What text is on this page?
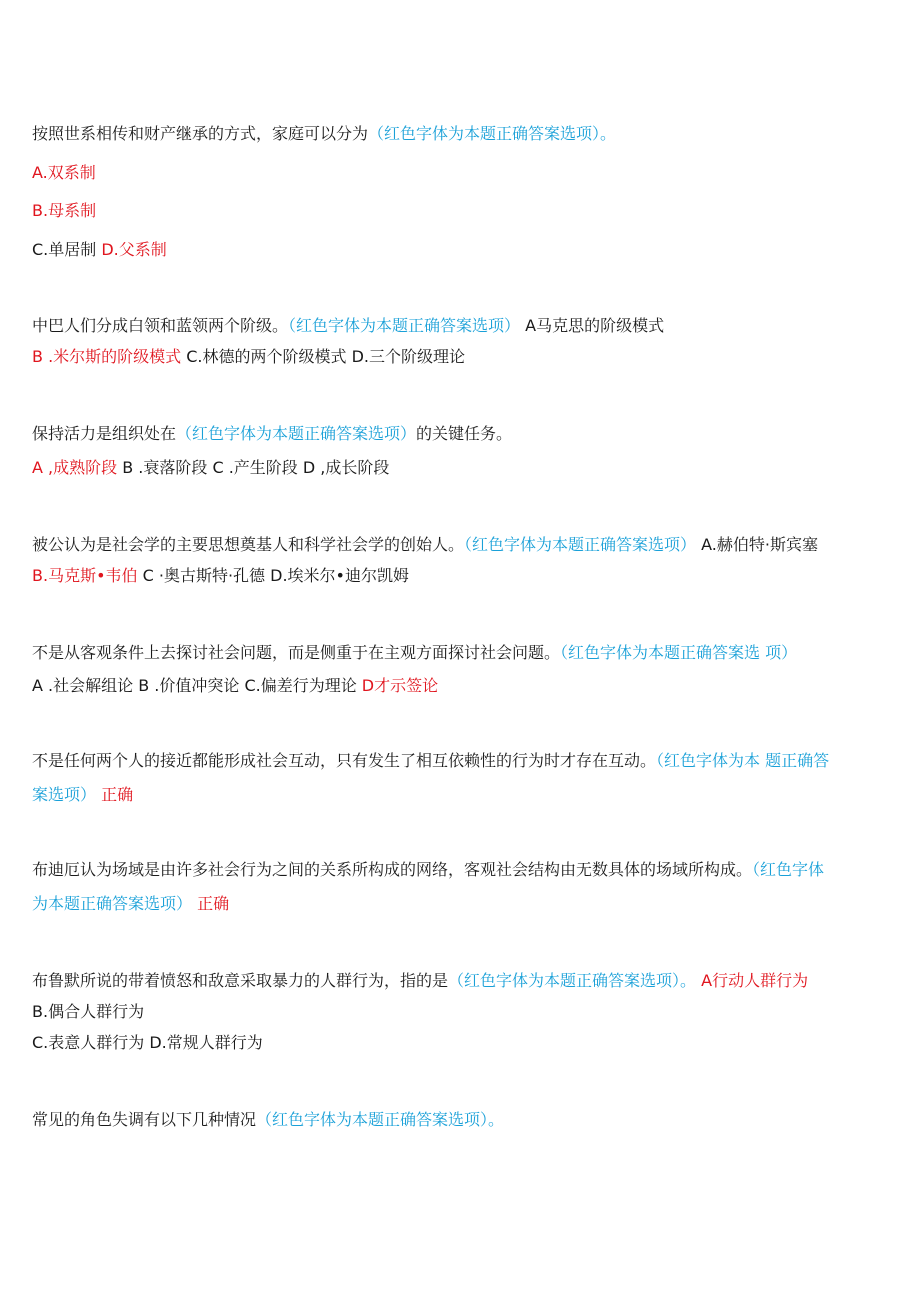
按照世系相传和财产继承的方式，家庭可以分为（红色字体为本题正确答案选项）。
A.双系制
B.母系制
C.单居制 D.父系制
中巴人们分成白领和蓝领两个阶级。（红色字体为本题正确答案选项） A马克思的阶级模式
B .米尔斯的阶级模式 C.林德的两个阶级模式 D.三个阶级理论
保持活力是组织处在（红色字体为本题正确答案选项）的关键任务。
A ,成熟阶段 B .衰落阶段 C .产生阶段 D ,成长阶段
被公认为是社会学的主要思想奠基人和科学社会学的创始人。（红色字体为本题正确答案选项） A.赫伯特·斯宾塞
B.马克斯•韦伯 C ·奥古斯特·孔德 D.埃米尔•迪尔凯姆
不是从客观条件上去探讨社会问题，而是侧重于在主观方面探讨社会问题。（红色字体为本题正确答案选 项）
A .社会解组论 B .价值冲突论 C.偏差行为理论 D才示签论
不是任何两个人的接近都能形成社会互动，只有发生了相互依赖性的行为时才存在互动。（红色字体为本 题正确答
案选项） 正确
布迪厄认为场域是由许多社会行为之间的关系所构成的网络，客观社会结构由无数具体的场域所构成。（红色字体
为本题正确答案选项） 正确
布鲁默所说的带着愤怒和敌意采取暴力的人群行为，指的是（红色字体为本题正确答案选项）。 A行动人群行为
B.偶合人群行为
C.表意人群行为 D.常规人群行为
常见的角色失调有以下几种情况（红色字体为本题正确答案选项）。
